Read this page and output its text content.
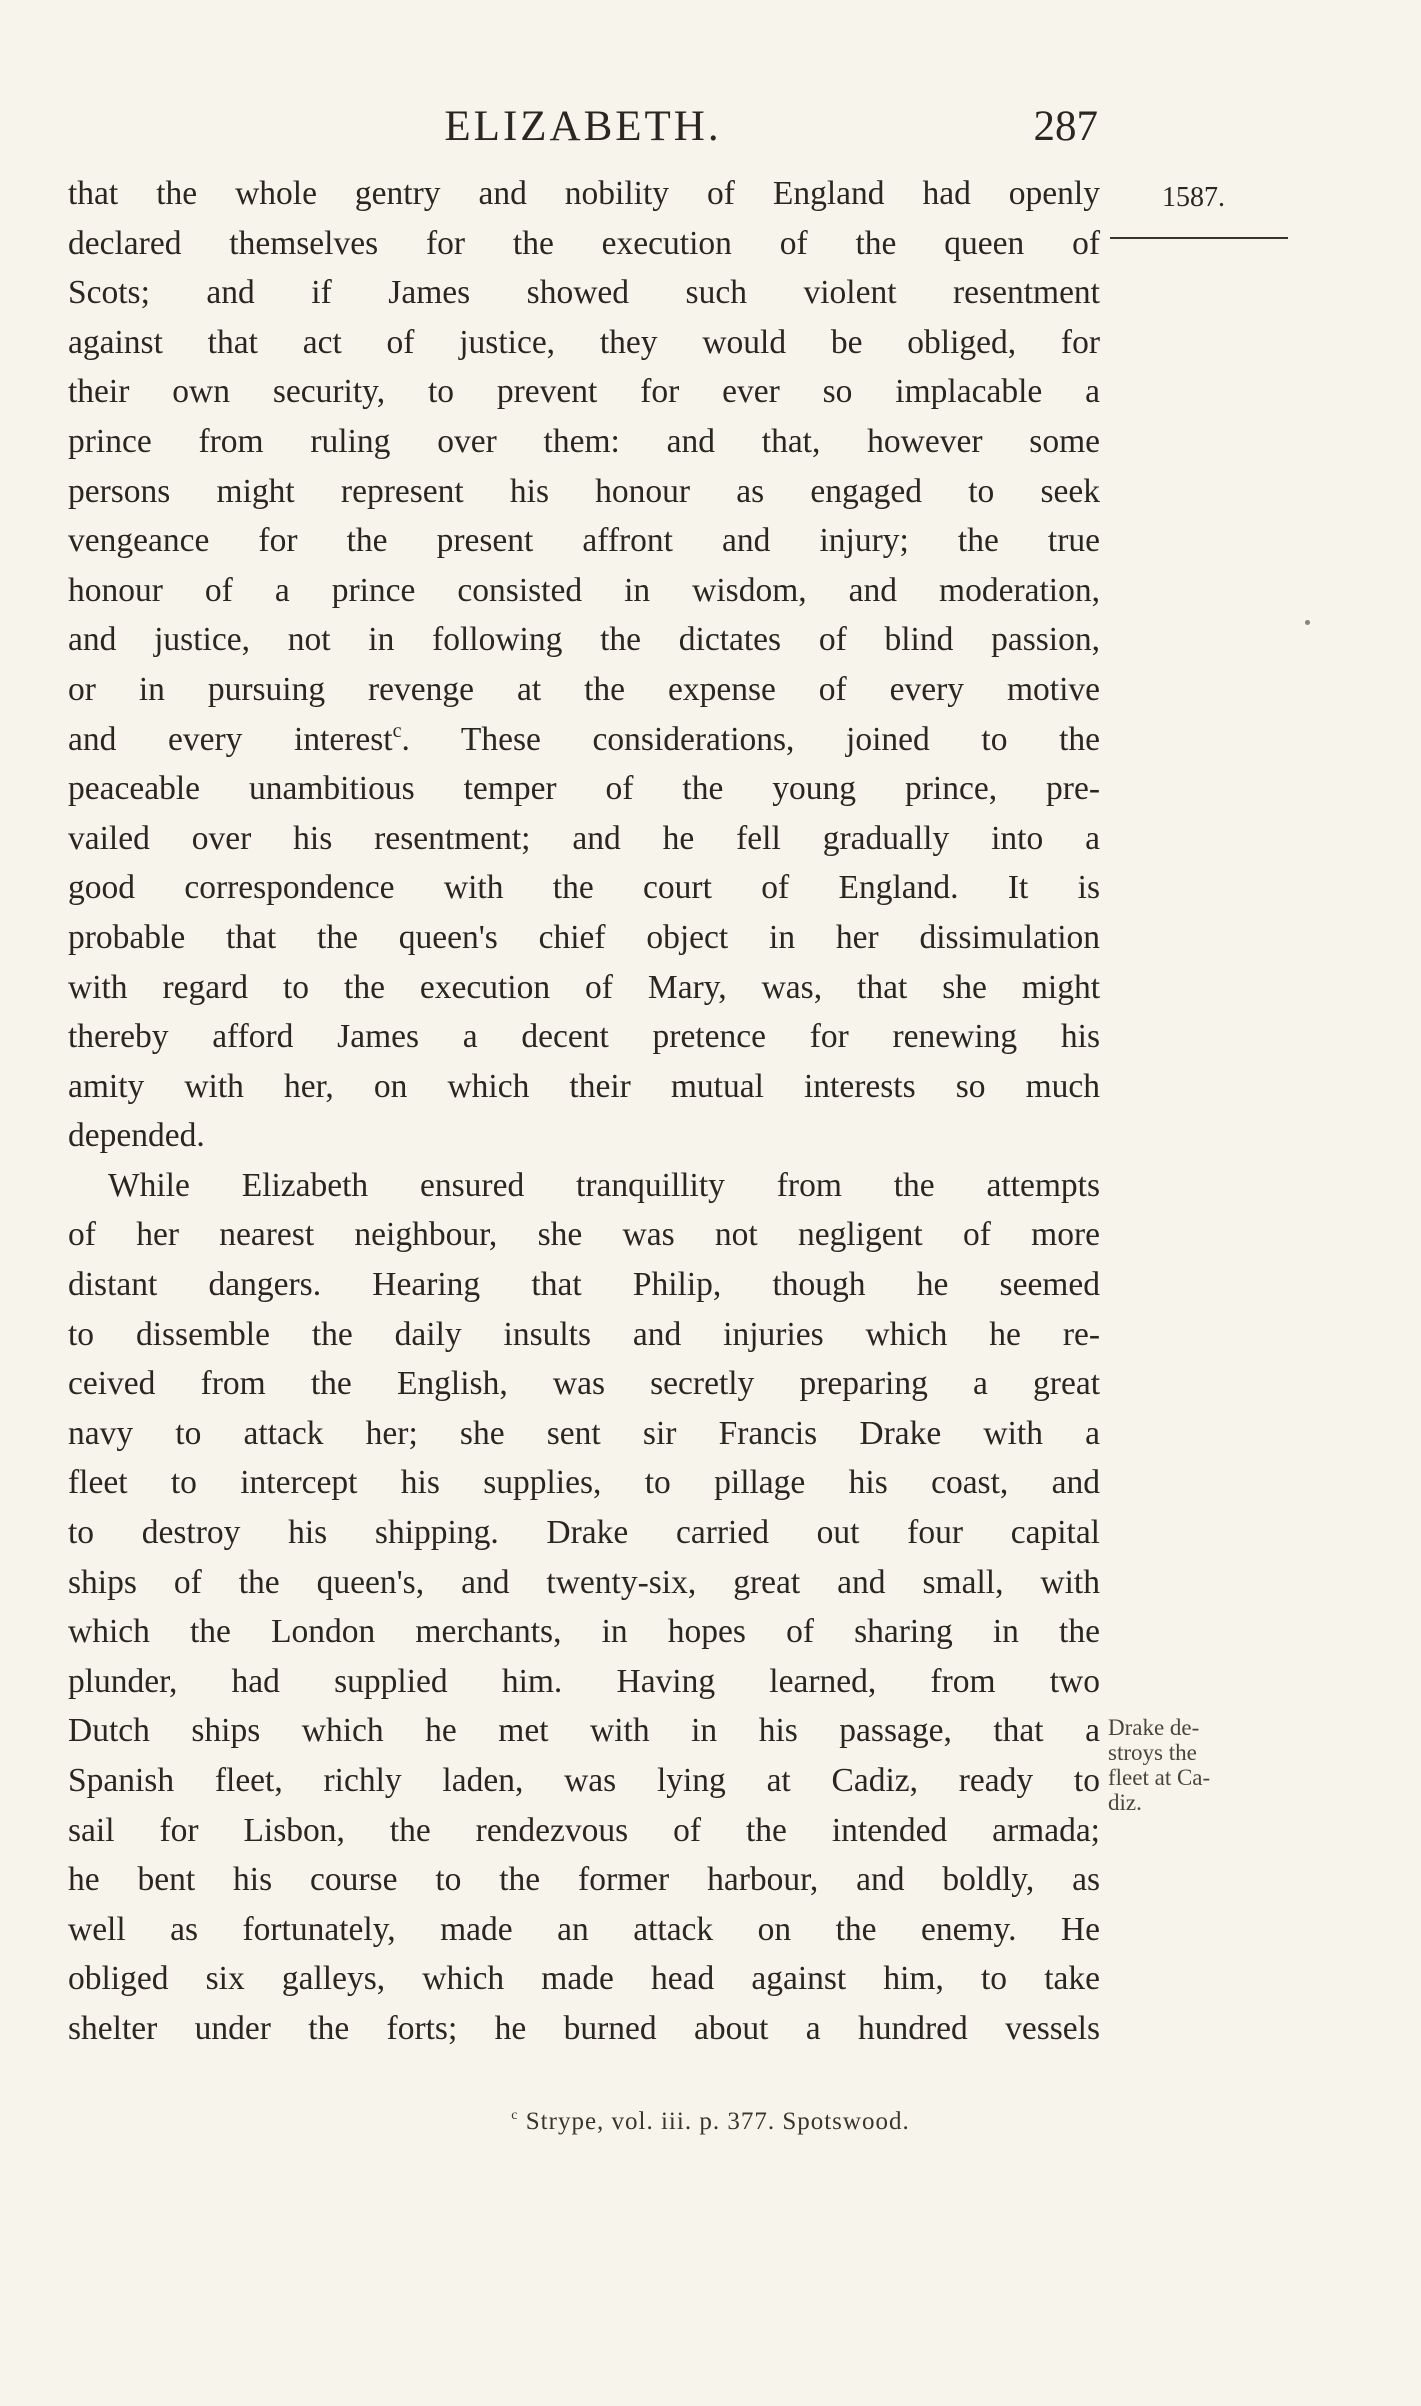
ELIZABETH.	287
1587.
that the whole gentry and nobility of England had openly
declared themselves for the execution of the queen of
Scots; and if James showed such violent resentment
against that act of justice, they would be obliged, for
their own security, to prevent for ever so implacable a
prince from ruling over them: and that, however some
persons might represent his honour as engaged to seek
vengeance for the present affront and injury; the true
honour of a prince consisted in wisdom, and moderation,
and justice, not in following the dictates of blind passion,
or in pursuing revenge at the expense of every motive
and every interest$^c$. These considerations, joined to the
peaceable unambitious temper of the young prince, pre-
vailed over his resentment; and he fell gradually into a
good correspondence with the court of England. It is
probable that the queen's chief object in her dissimulation
with regard to the execution of Mary, was, that she might
thereby afford James a decent pretence for renewing his
amity with her, on which their mutual interests so much
depended.
While Elizabeth ensured tranquillity from the attempts
of her nearest neighbour, she was not negligent of more
distant dangers. Hearing that Philip, though he seemed
to dissemble the daily insults and injuries which he re-
ceived from the English, was secretly preparing a great
navy to attack her; she sent sir Francis Drake with a
fleet to intercept his supplies, to pillage his coast, and
to destroy his shipping. Drake carried out four capital
ships of the queen's, and twenty-six, great and small, with
which the London merchants, in hopes of sharing in the
plunder, had supplied him. Having learned, from two
Dutch ships which he met with in his passage, that a
Spanish fleet, richly laden, was lying at Cadiz, ready to
sail for Lisbon, the rendezvous of the intended armada;
he bent his course to the former harbour, and boldly, as
well as fortunately, made an attack on the enemy. He
obliged six galleys, which made head against him, to take
shelter under the forts; he burned about a hundred vessels
Drake de-
stroys the
fleet at Ca-
diz.
$^c$ Strype, vol. iii. p. 377. Spotswood.
